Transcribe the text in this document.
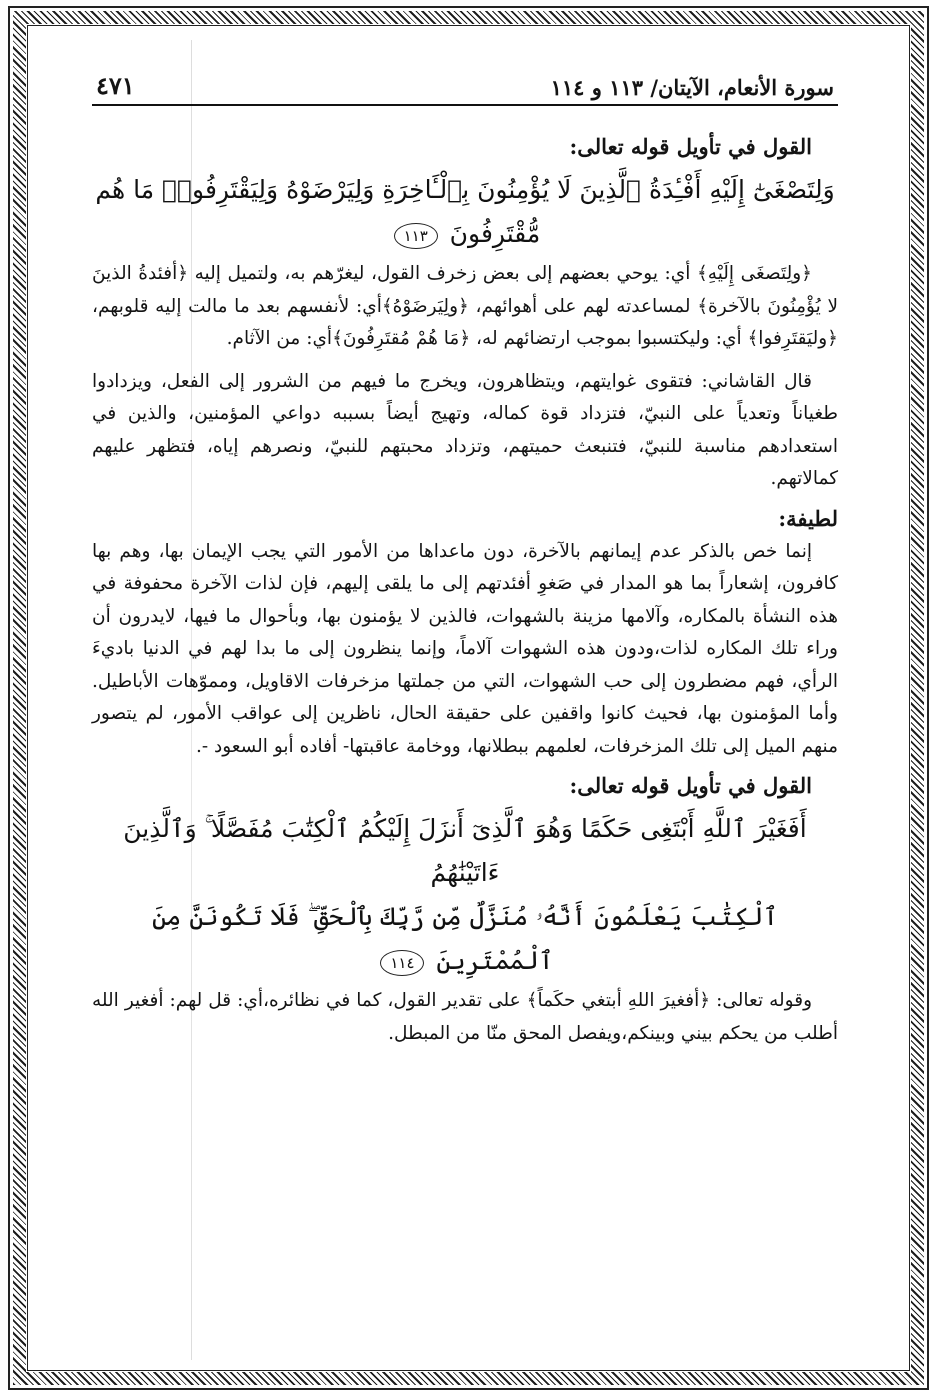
سورة الأنعام، الآيتان/ ١١٣ و ١١٤
٤٧١
القول في تأويل قوله تعالى:
وَلِتَصْغَىٰٓ إِلَيْهِ أَفْـِٔدَةُ ٱلَّذِينَ لَا يُؤْمِنُونَ بِٱلْـَٔاخِرَةِ وَلِيَرْضَوْهُ وَلِيَقْتَرِفُوا۟ مَا هُم
مُّقْتَرِفُونَ ١١٣

﴿ولِتَصغَى إِلَيْهِ﴾ أي: يوحي بعضهم إلى بعض زخرف القول، ليغرّهم به، ولتميل إليه ﴿أفئدةُ الذينَ لا يُؤْمِنُونَ بالآخرة﴾ لمساعدته لهم على أهوائهم، ﴿ولِيَرضَوْهُ﴾أي: لأنفسهم بعد ما مالت إليه قلوبهم، ﴿وليَقتَرِفوا﴾ أي: وليكتسبوا بموجب ارتضائهم له، ﴿مَا هُمْ مُقتَرِفُونَ﴾أي: من الآثام.

قال القاشاني: فتقوى غوايتهم، ويتظاهرون، ويخرج ما فيهم من الشرور إلى الفعل، ويزدادوا طغياناً وتعدياً على النبيّ، فتزداد قوة كماله، وتهيج أيضاً بسببه دواعي المؤمنين، والذين في استعدادهم مناسبة للنبيّ، فتنبعث حميتهم، وتزداد محبتهم للنبيّ، ونصرهم إياه، فتظهر عليهم كمالاتهم.

لطيفة:

إنما خص بالذكر عدم إيمانهم بالآخرة، دون ماعداها من الأمور التي يجب الإيمان بها، وهم بها كافرون، إشعاراً بما هو المدار في صَغوِ أفئدتهم إلى ما يلقى إليهم، فإن لذات الآخرة محفوفة في هذه النشأة بالمكاره، وآلامها مزينة بالشهوات، فالذين لا يؤمنون بها، وبأحوال ما فيها، لايدرون أن وراء تلك المكاره لذات،ودون هذه الشهوات آلاماً، وإنما ينظرون إلى ما بدا لهم في الدنيا باديءَ الرأي، فهم مضطرون إلى حب الشهوات، التي من جملتها مزخرفات الاقاويل، ومموّهات الأباطيل. وأما المؤمنون بها، فحيث كانوا واقفين على حقيقة الحال، ناظرين إلى عواقب الأمور، لم يتصور منهم الميل إلى تلك المزخرفات، لعلمهم ببطلانها، ووخامة عاقبتها- أفاده أبو السعود -.

القول في تأويل قوله تعالى:
أَفَغَيْرَ ٱللَّهِ أَبْتَغِى حَكَمًا وَهُوَ ٱلَّذِىٓ أَنزَلَ إِلَيْكُمُ ٱلْكِتَٰبَ مُفَصَّلًا ۚ وَٱلَّذِينَ ءَاتَيْنَٰهُمُ
ٱلْكِتَٰبَ يَعْلَمُونَ أَنَّهُۥ مُنَزَّلٌ مِّن رَّبِّكَ بِٱلْحَقِّ ۖ فَلَا تَكُونَنَّ مِنَ ٱلْمُمْتَرِينَ ١١٤

وقوله تعالى: ﴿أفغيرَ اللهِ أبتغي حكَماً﴾ على تقدير القول، كما في نظائره،أي: قل لهم: أفغير الله أطلب من يحكم بيني وبينكم،ويفصل المحق منّا من المبطل.
